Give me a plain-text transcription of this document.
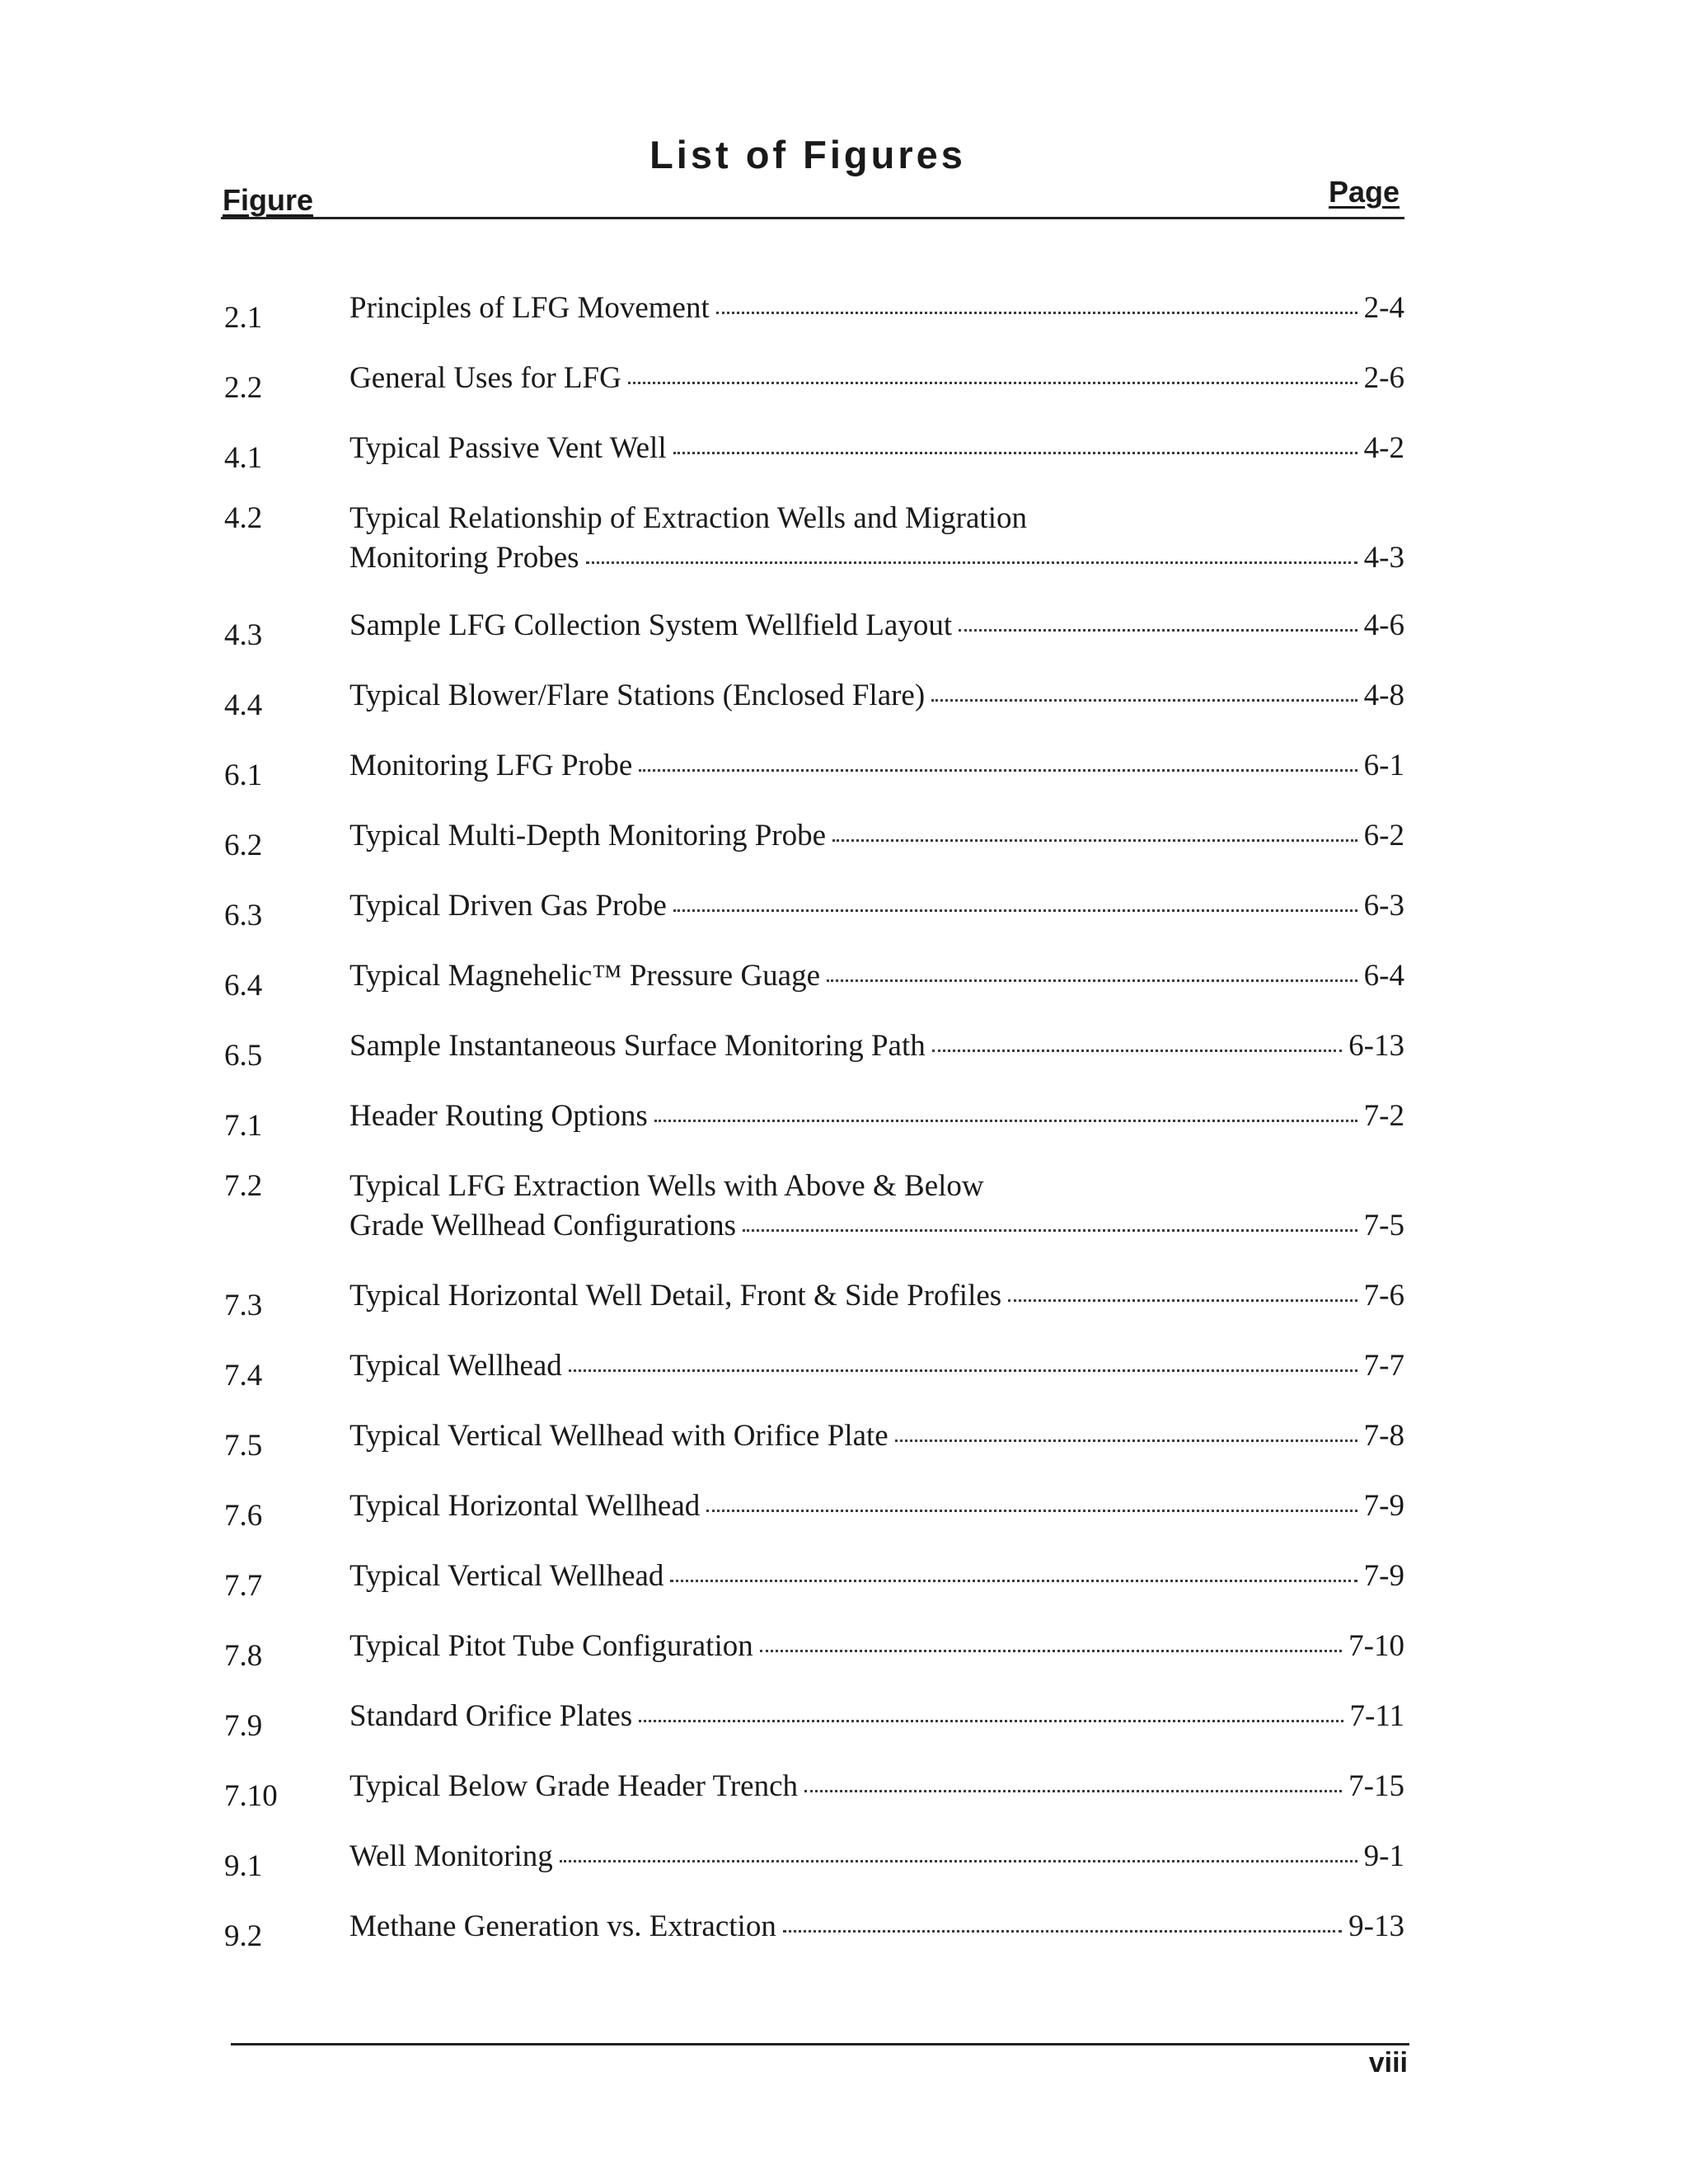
List of Figures
Figure	Page
2.1	Principles of LFG Movement	2-4
2.2	General Uses for LFG	2-6
4.1	Typical Passive Vent Well	4-2
4.2	Typical Relationship of Extraction Wells and Migration
Monitoring Probes	4-3
4.3	Sample LFG Collection System Wellfield Layout	4-6
4.4	Typical Blower/Flare Stations (Enclosed Flare)	4-8
6.1	Monitoring LFG Probe	6-1
6.2	Typical Multi-Depth Monitoring Probe	6-2
6.3	Typical Driven Gas Probe	6-3
6.4	Typical Magnehelic™ Pressure Guage	6-4
6.5	Sample Instantaneous Surface Monitoring Path	6-13
7.1	Header Routing Options	7-2
7.2	Typical LFG Extraction Wells with Above & Below
Grade Wellhead Configurations	7-5
7.3	Typical Horizontal Well Detail, Front & Side Profiles	7-6
7.4	Typical Wellhead	7-7
7.5	Typical Vertical Wellhead with Orifice Plate	7-8
7.6	Typical Horizontal Wellhead	7-9
7.7	Typical Vertical Wellhead	7-9
7.8	Typical Pitot Tube Configuration	7-10
7.9	Standard Orifice Plates	7-11
7.10 Typical Below Grade Header Trench	7-15
9.1	Well Monitoring	9-1
9.2	Methane Generation vs. Extraction	9-13
viii
